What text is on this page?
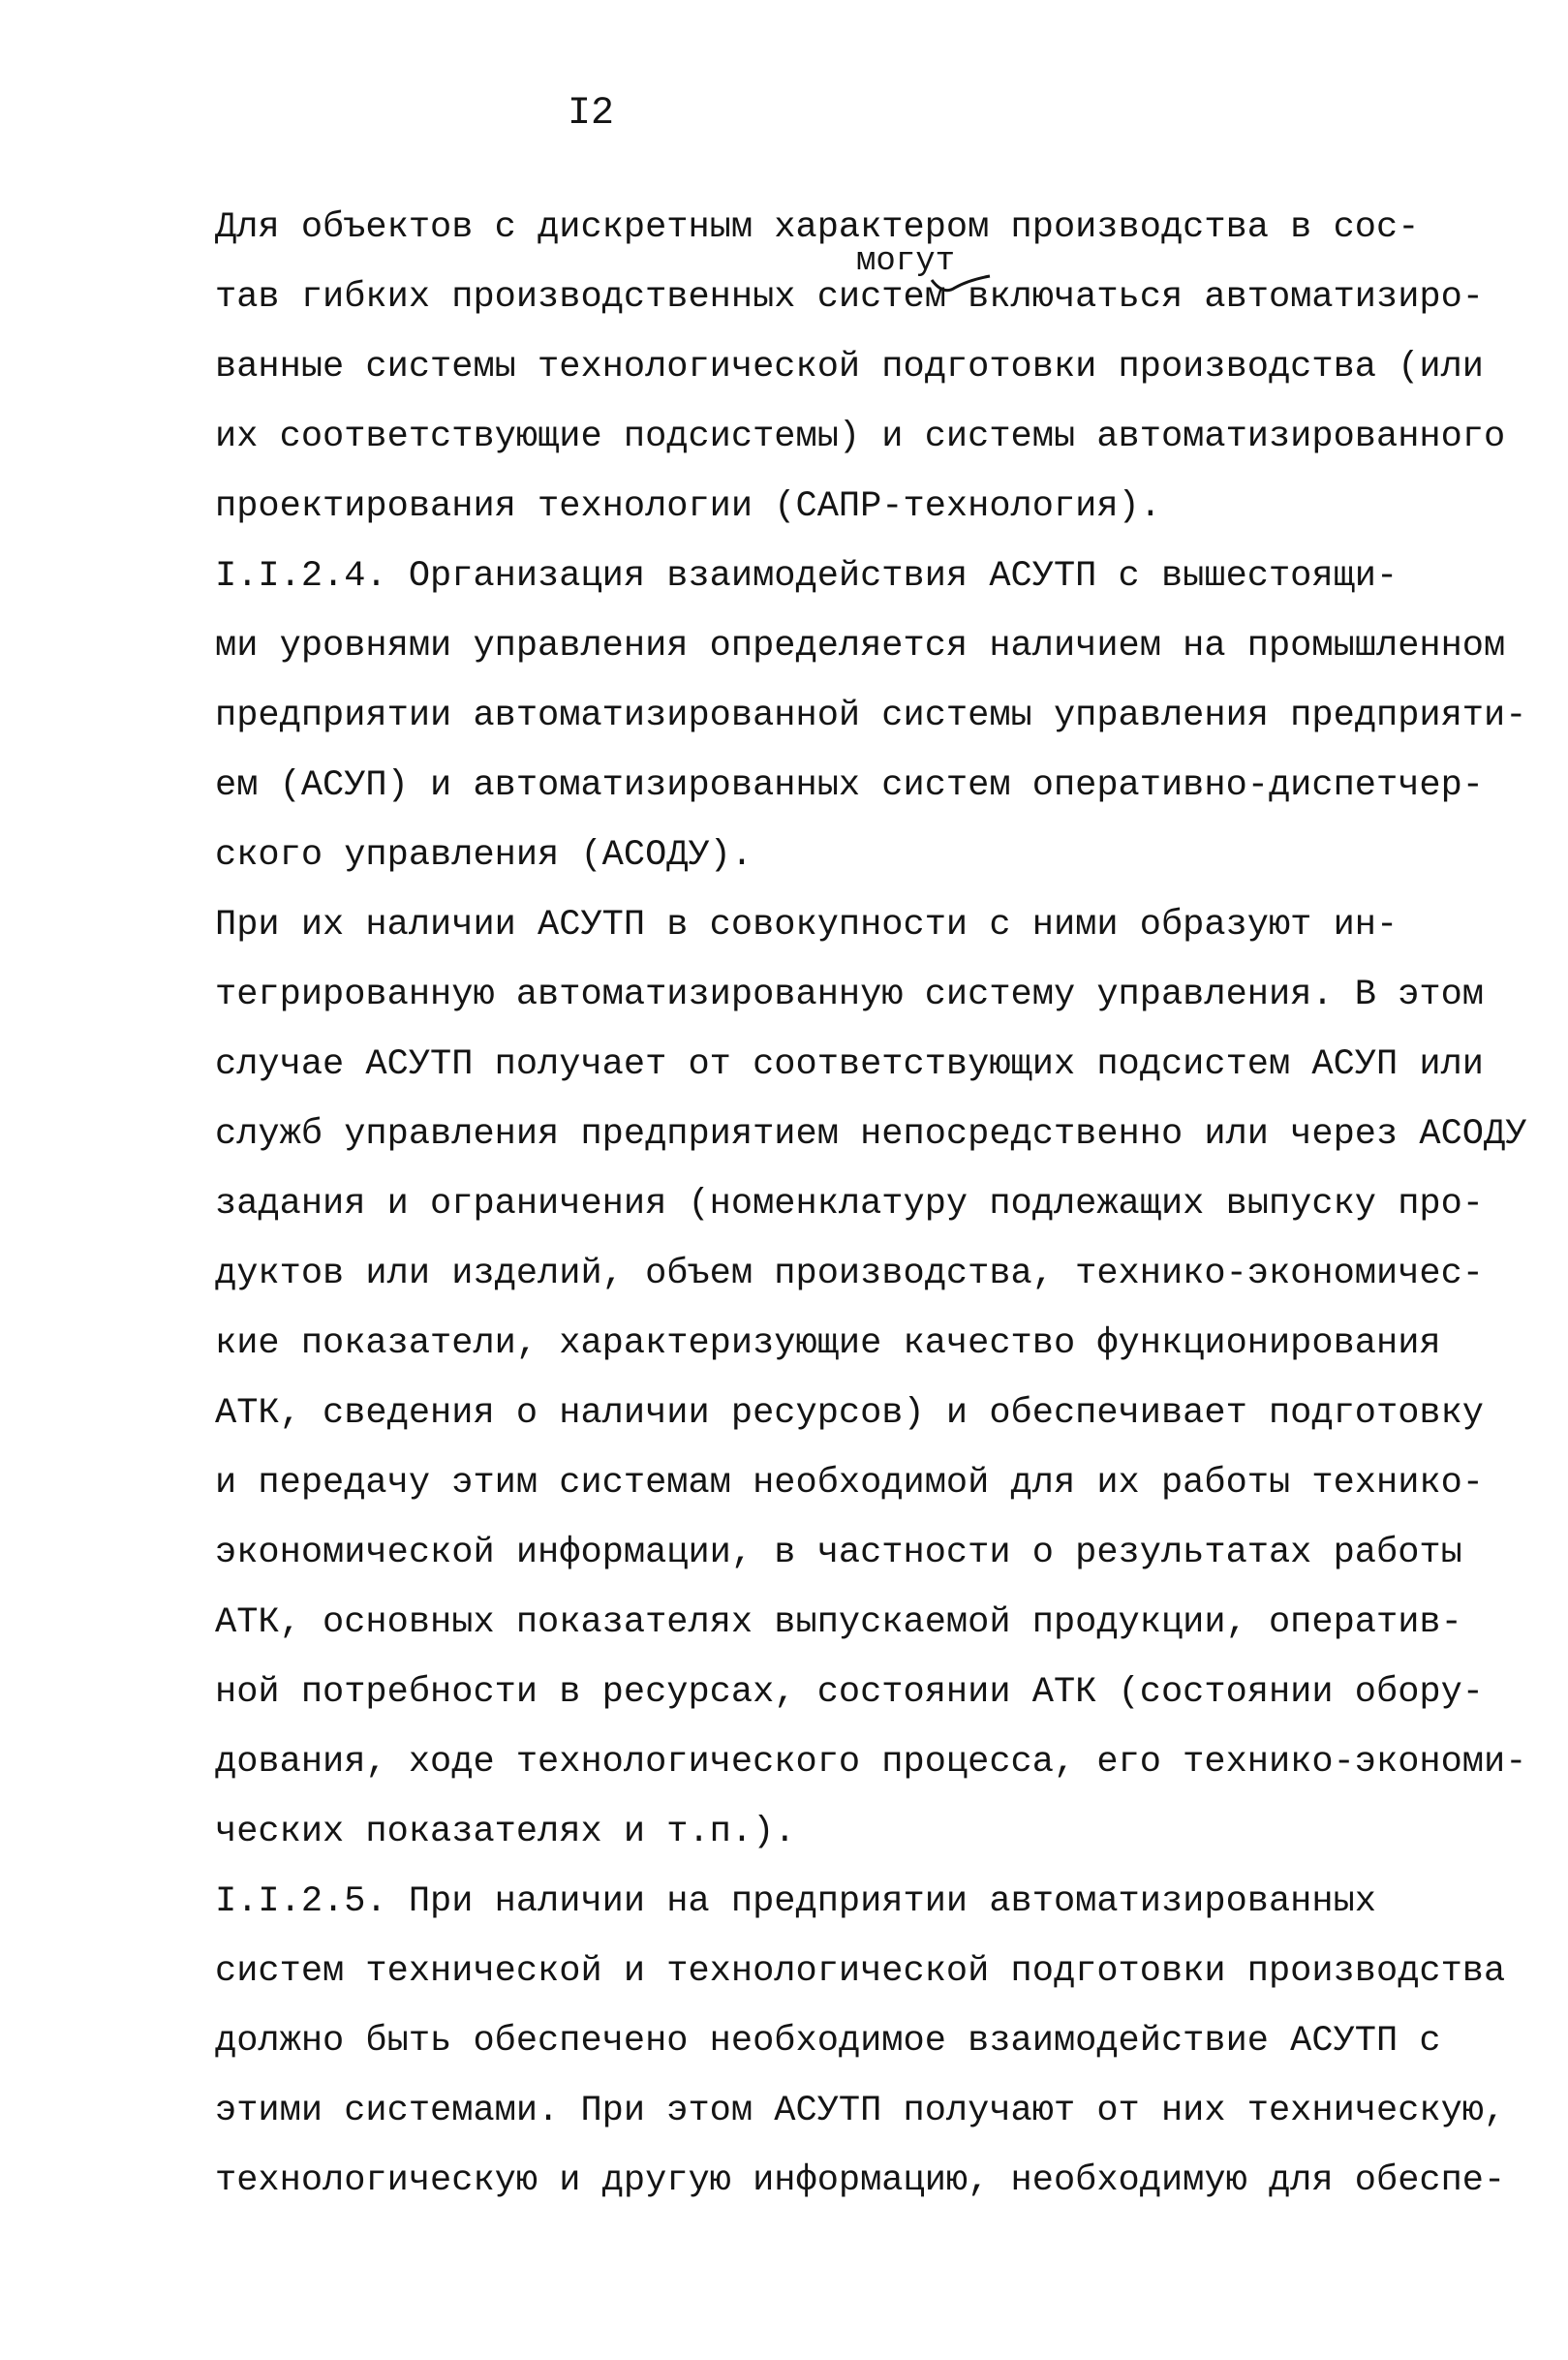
I2
могут
Для объектов с дискретным характером производства в сос-
тав гибких производственных систем включаться автоматизиро-
ванные системы технологической подготовки производства (или
их соответствующие подсистемы) и системы автоматизированного
проектирования технологии (САПР-технология).
I.I.2.4. Организация взаимодействия АСУТП с вышестоящи-
ми уровнями управления определяется наличием на промышленном
предприятии автоматизированной системы управления предприяти-
ем (АСУП) и автоматизированных систем оперативно-диспетчер-
ского управления (АСОДУ).
При их наличии АСУТП в совокупности с ними образуют ин-
тегрированную автоматизированную систему управления. В этом
случае АСУТП получает от соответствующих подсистем АСУП или
служб управления предприятием непосредственно или через АСОДУ
задания и ограничения (номенклатуру подлежащих выпуску про-
дуктов или изделий, объем производства, технико-экономичес-
кие показатели, характеризующие качество функционирования
АТК, сведения о наличии ресурсов) и обеспечивает подготовку
и передачу этим системам необходимой для их работы технико-
экономической информации, в частности о результатах работы
АТК, основных показателях выпускаемой продукции, оператив-
ной потребности в ресурсах, состоянии АТК (состоянии обору-
дования, ходе технологического процесса, его технико-экономи-
ческих показателях и т.п.).
I.I.2.5. При наличии на предприятии автоматизированных
систем технической и технологической подготовки производства
должно быть обеспечено необходимое взаимодействие АСУТП с
этими системами. При этом АСУТП получают от них техническую,
технологическую и другую информацию, необходимую для обеспе-
